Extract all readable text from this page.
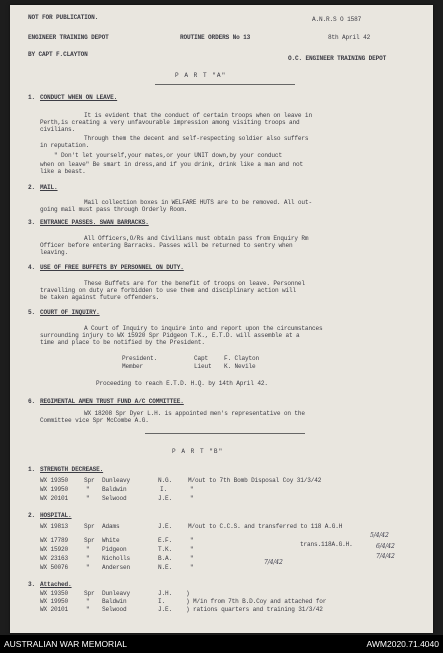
NOT FOR PUBLICATION.	A.N.R.S O 1587
ENGINEER TRAINING DEPOT	ROUTINE ORDERS No 13	8th April 42
BY CAPT F.CLAYTON
O.C. ENGINEER TRAINING DEPOT
P A R T "A"
1. CONDUCT WHEN ON LEAVE.
It is evident that the conduct of certain troops when on leave in
Perth,is creating a very unfavourable impression among visiting troops and
civilians.
Through them the decent and self-respecting soldier also suffers
in reputation.
" Don't let yourself,your mates,or your UNIT down,by your conduct
when on leave" Be smart in dress,and if you drink, drink like a man and not
like a beast.
2. MAIL.
Mail collection boxes in WELFARE HUTS are to be removed. All out-
going mail must pass through Orderly Room.
3. ENTRANCE PASSES. SWAN BARRACKS.
All Officers,O/Rs and Civilians must obtain pass from Enquiry Rm
Officer before entering Barracks. Passes will be returned to sentry when
leaving.
4. USE OF FREE BUFFETS BY PERSONNEL ON DUTY.
These Buffets are for the benefit of troops on leave. Personnel
travelling on duty are forbidden to use them and disciplinary action will
be taken against future offenders.
5. COURT OF INQUIRY.
A Court of Inquiry to inquire into and report upon the circumstances
surrounding injury to WX 15920 Spr Pidgeon T.K., E.T.D. will assemble at a
time and place to be notified by the President.
President.	Capt	F. Clayton
Member	Lieut K. Nevile
Proceeding to reach E.T.D. H.Q. by 14th April 42.
6. REGIMENTAL AMEN TRUST FUND A/C COMMITTEE.
WX 18208 Spr Dyer L.H. is appointed men's representative on the
Committee vice Spr McCombe A.G.
P A R T "B"
1. STRENGTH DECREASE.
WX 19350	Spr Dunleavy	N.G.	M/out to 7th Bomb Disposal Coy 31/3/42
WX 19950	" Baldwin	I.	"
WX 20101	" Selwood	J.E.	"
2. HOSPITAL.
WX 19813	Spr Adams	J.E.	M/out to C.C.S. and transferred to 118 A.G.H
WX 17789	Spr White	E.F.	"
WX 15920	" Pidgeon	T.K.	"
WX 23163	" Nicholls	B.A.	"
WX 50076	" Andersen	N.E.	"
trans.118A.G.H.
5/4/42
6/4/42
7/4/42
7/4/42
3. Attached.
WX 19350	Spr Dunleavy	J.H. )
WX 19950	" Baldwin	I.	) M/in from 7th B.D.Coy and attached for
WX 20101	" Selwood	J.E. ) rations quarters and training 31/3/42
AUSTRALIAN WAR MEMORIAL	AWM2020.71.4040
